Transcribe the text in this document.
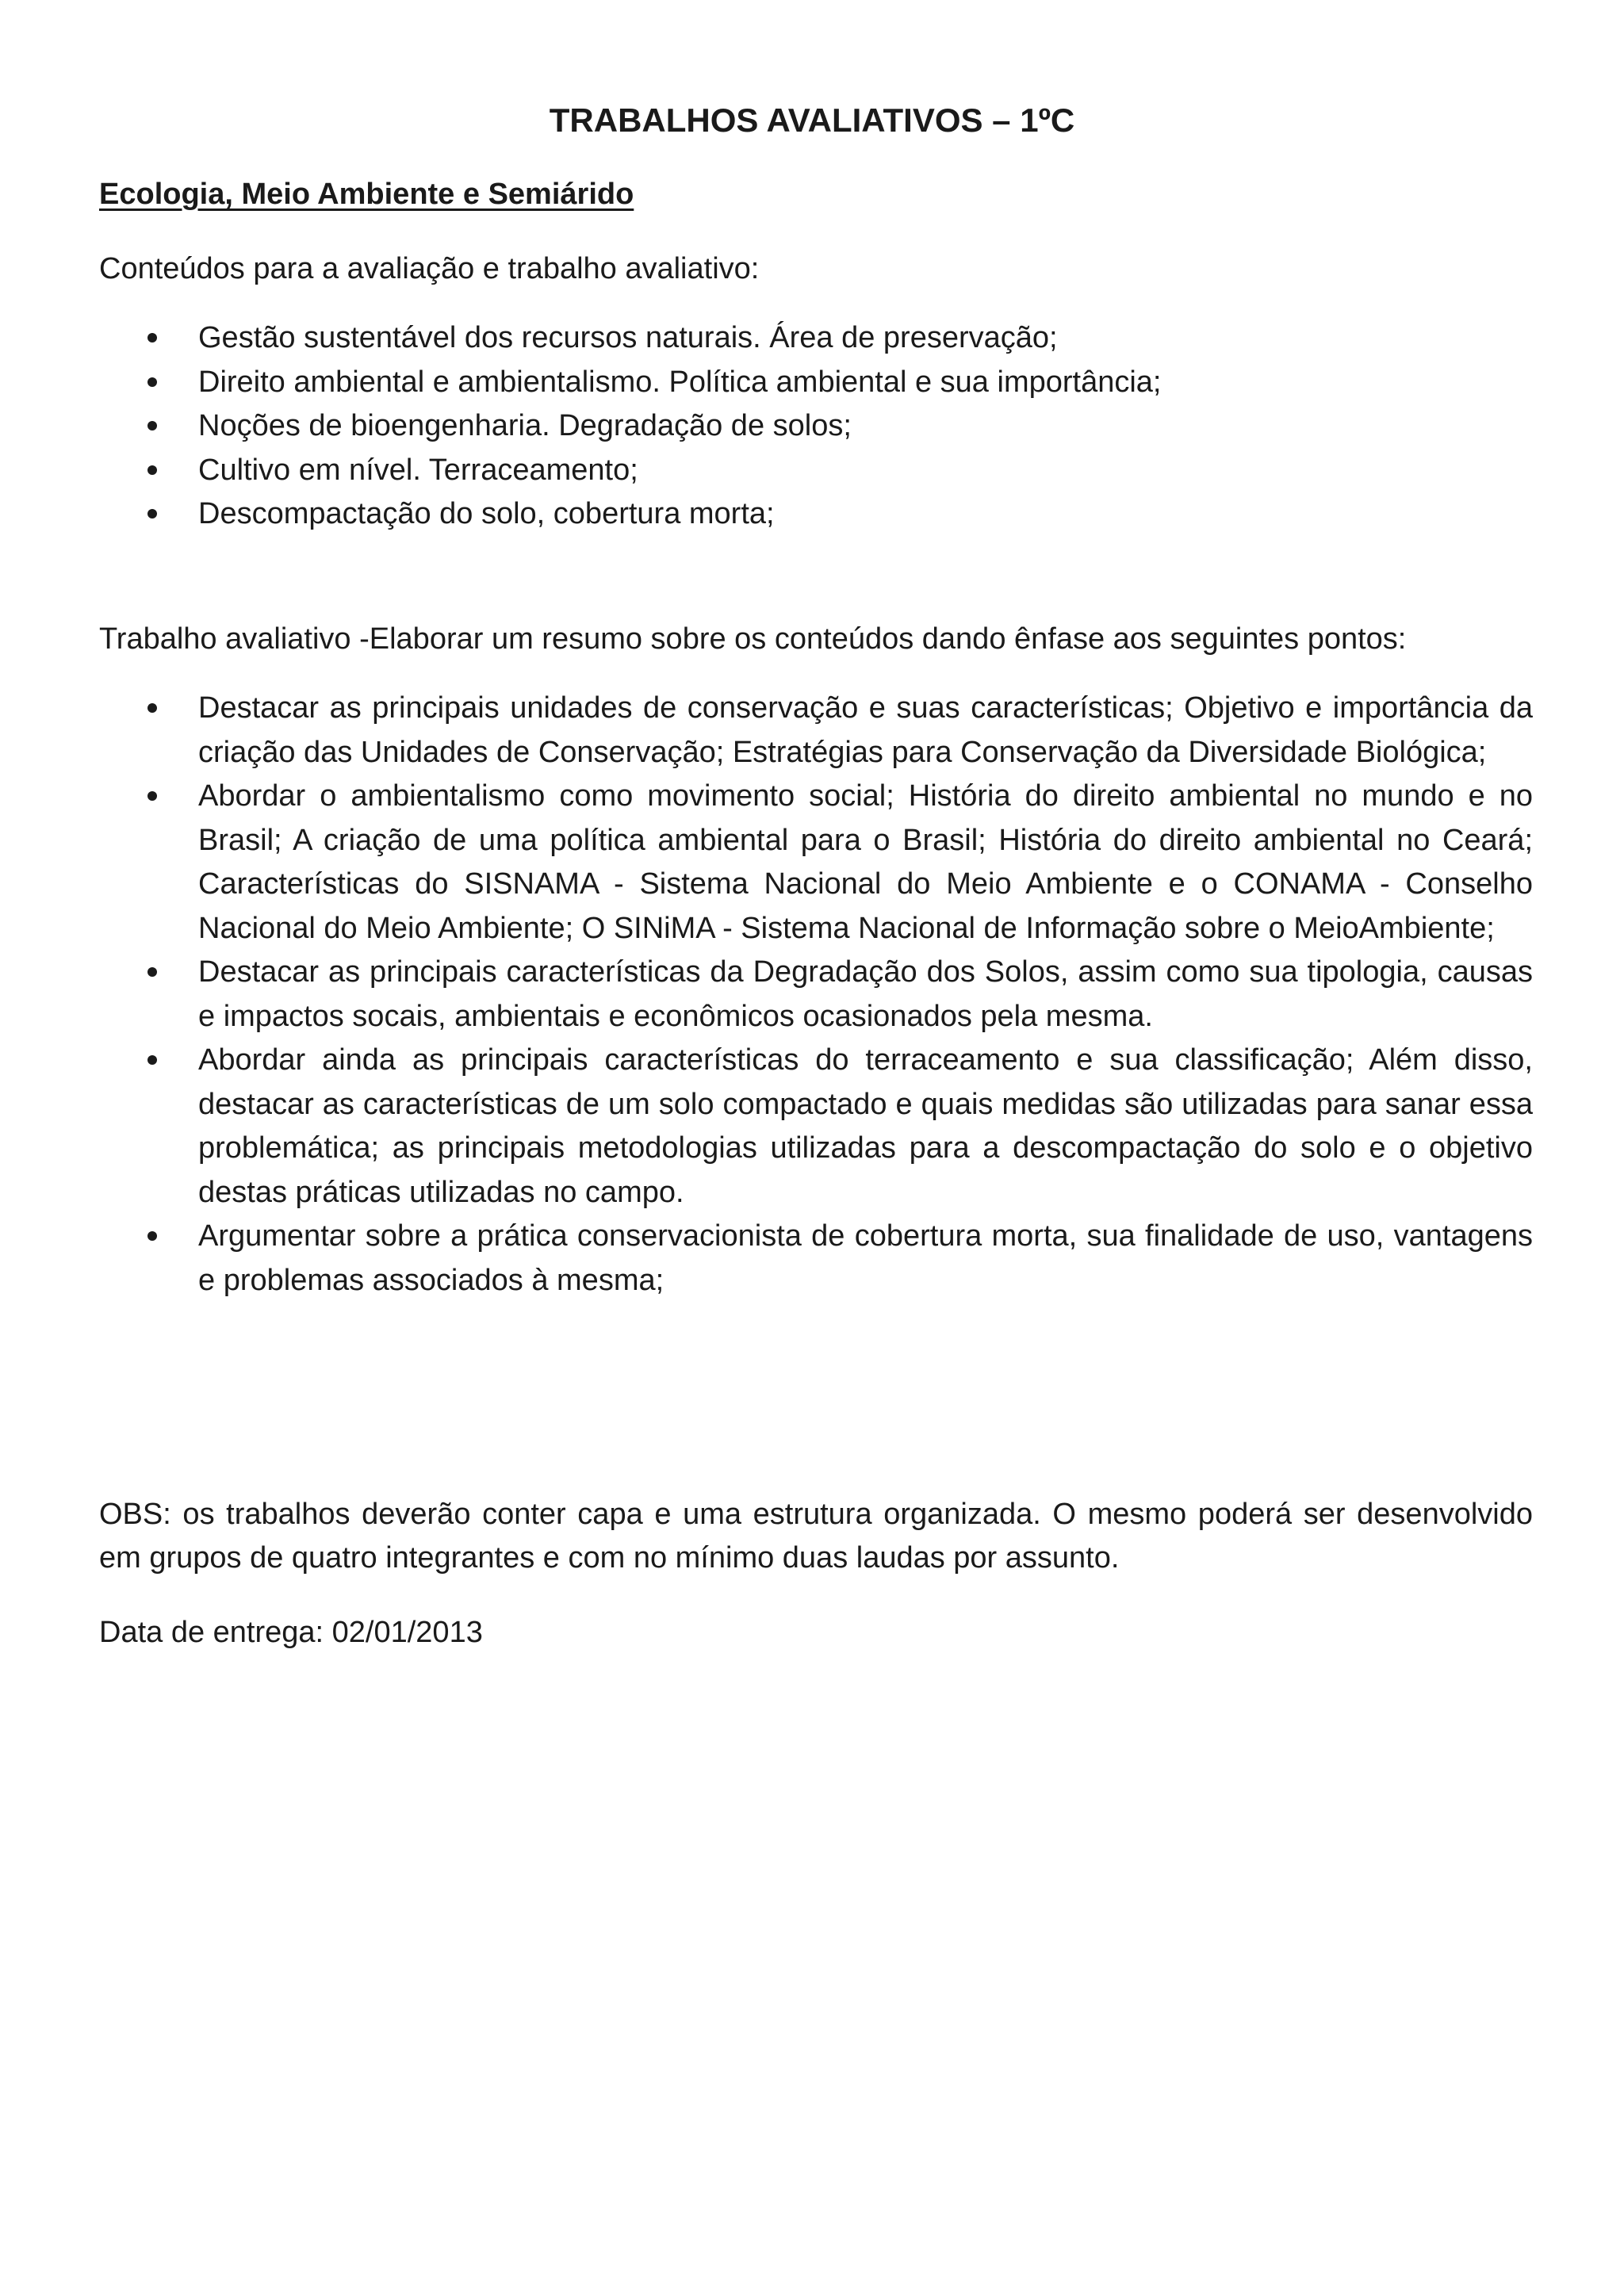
TRABALHOS AVALIATIVOS – 1ºC
Ecologia, Meio Ambiente e Semiárido

Conteúdos para a avaliação e trabalho avaliativo:

Gestão sustentável dos recursos naturais. Área de preservação;
Direito ambiental e ambientalismo. Política ambiental e sua importância;
Noções de bioengenharia. Degradação de solos;
Cultivo em nível. Terraceamento;
Descompactação do solo, cobertura morta;

Trabalho avaliativo -Elaborar um resumo sobre os conteúdos dando ênfase aos seguintes pontos:

Destacar as principais unidades de conservação e suas características; Objetivo e importância da criação das Unidades de Conservação; Estratégias para Conservação da Diversidade Biológica;
Abordar o ambientalismo como movimento social; História do direito ambiental no mundo e no Brasil; A criação de uma política ambiental para o Brasil; História do direito ambiental no Ceará; Características do SISNAMA - Sistema Nacional do Meio Ambiente e o CONAMA - Conselho Nacional do Meio Ambiente; O SINiMA - Sistema Nacional de Informação sobre o MeioAmbiente;
Destacar as principais características da Degradação dos Solos, assim como sua tipologia, causas e impactos socais, ambientais e econômicos ocasionados pela mesma.
Abordar ainda as principais características do terraceamento e sua classificação; Além disso, destacar as características de um solo compactado e quais medidas são utilizadas para sanar essa problemática; as principais metodologias utilizadas para a descompactação do solo e o objetivo destas práticas utilizadas no campo.
Argumentar sobre a prática conservacionista de cobertura morta, sua finalidade de uso, vantagens e problemas associados à mesma;

OBS: os trabalhos deverão conter capa e uma estrutura organizada. O mesmo poderá ser desenvolvido em grupos de quatro integrantes e com no mínimo duas laudas por assunto.

Data de entrega: 02/01/2013
